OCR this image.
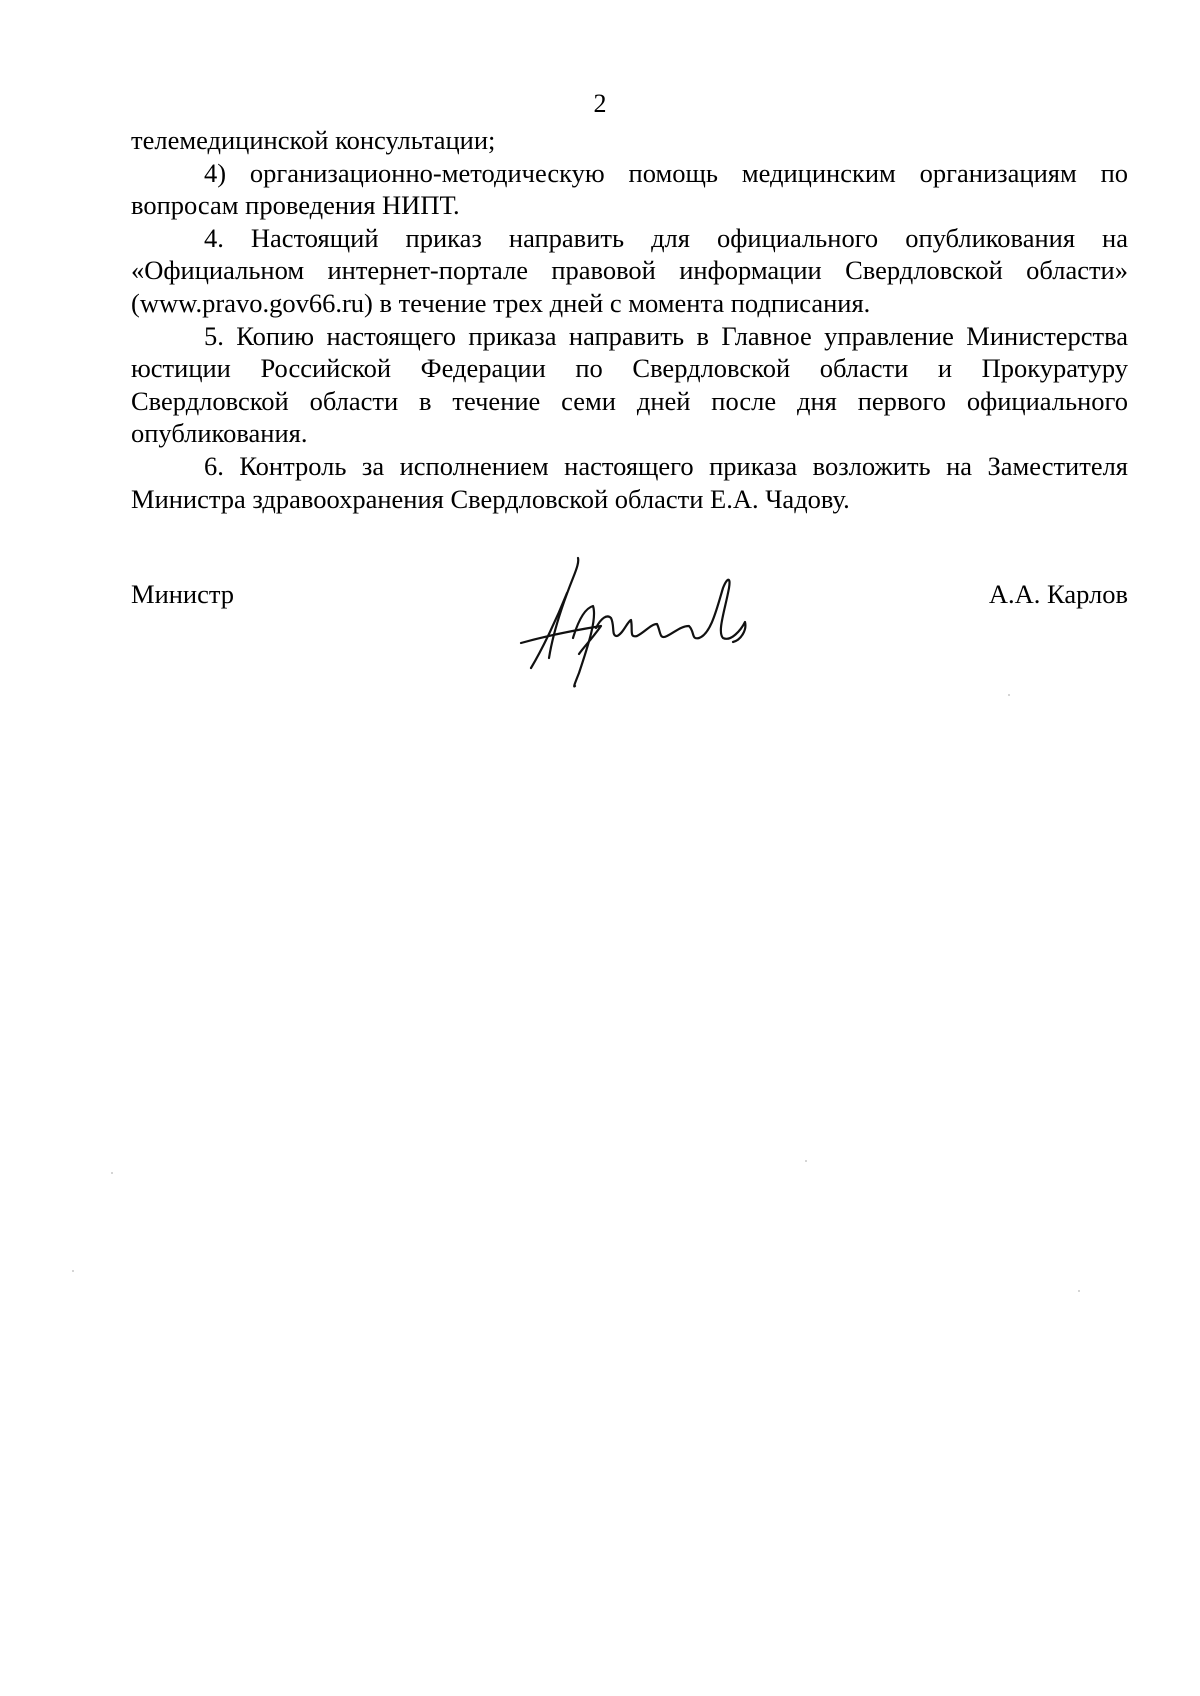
2

телемедицинской консультации;

4) организационно-методическую помощь медицинским организациям по вопросам проведения НИПТ.

4. Настоящий приказ направить для официального опубликования на «Официальном интернет-портале правовой информации Свердловской области» (www.pravo.gov66.ru) в течение трех дней с момента подписания.

5. Копию настоящего приказа направить в Главное управление Министерства юстиции Российской Федерации по Свердловской области и Прокуратуру Свердловской области в течение семи дней после дня первого официального опубликования.

6. Контроль за исполнением настоящего приказа возложить на Заместителя Министра здравоохранения Свердловской области Е.А. Чадову.

Министр	А.А. Карлов
